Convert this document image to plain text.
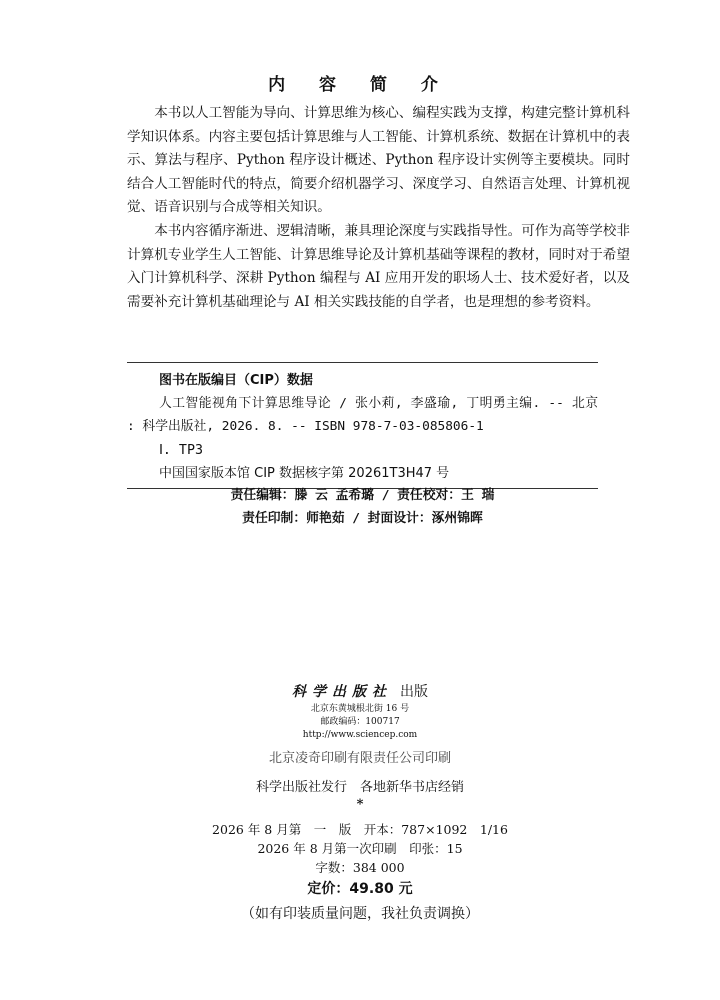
内 容 简 介

本书以人工智能为导向、计算思维为核心、编程实践为支撑，构建完整计算机科学知识体系。内容主要包括计算思维与人工智能、计算机系统、数据在计算机中的表示、算法与程序、Python 程序设计概述、Python 程序设计实例等主要模块。同时结合人工智能时代的特点，简要介绍机器学习、深度学习、自然语言处理、计算机视觉、语音识别与合成等相关知识。

本书内容循序渐进、逻辑清晰，兼具理论深度与实践指导性。可作为高等学校非计算机专业学生人工智能、计算思维导论及计算机基础等课程的教材，同时对于希望入门计算机科学、深耕 Python 编程与 AI 应用开发的职场人士、技术爱好者，以及需要补充计算机基础理论与 AI 相关实践技能的自学者，也是理想的参考资料。

图书在版编目（CIP）数据
人工智能视角下计算思维导论 / 张小莉, 李盛瑜, 丁明勇主编. -- 北京 : 科学出版社, 2026. 8. -- ISBN 978-7-03-085806-1
Ⅰ. TP3
中国国家版本馆 CIP 数据核字第 20261T3H47 号
责任编辑：滕 云 孟希璐 / 责任校对：王 瑞
责任印制：师艳茹 / 封面设计：涿州锦晖
科学出版社 出版
北京东黄城根北街 16 号
邮政编码：100717
http://www.sciencep.com
北京凌奇印刷有限责任公司印刷
科学出版社发行　各地新华书店经销
*
2026 年 8 月第　一　版　开本：787×1092　1/16
2026 年 8 月第一次印刷　印张：15
字数：384 000
定价：49.80 元
（如有印装质量问题，我社负责调换）
